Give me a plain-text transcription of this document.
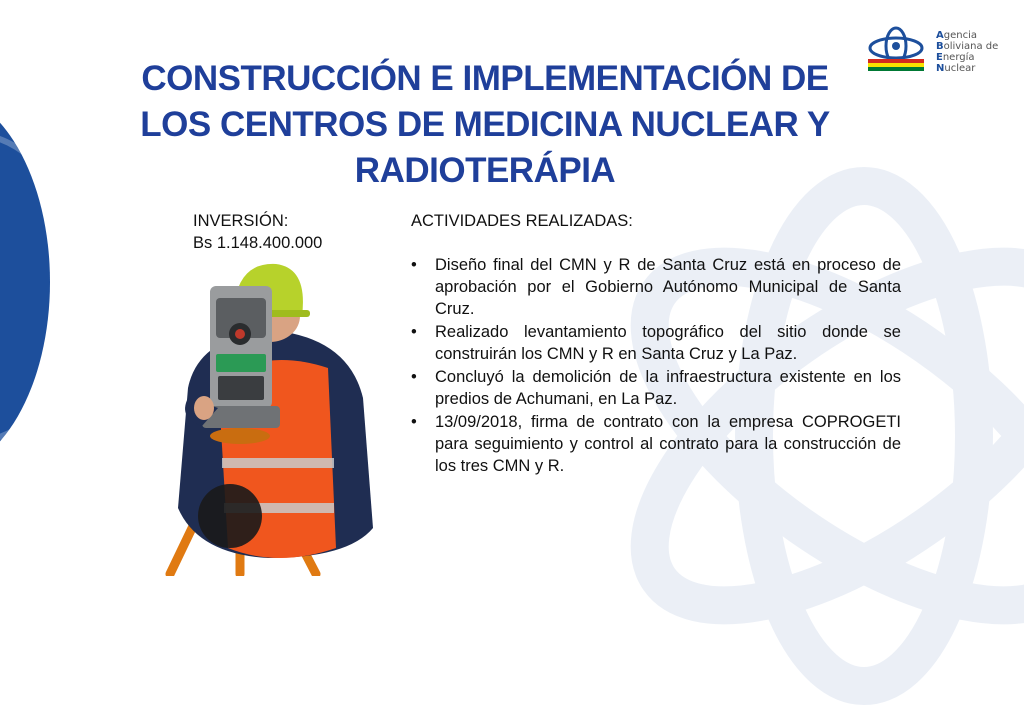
Agencia
Boliviana de
Energía
Nuclear
CONSTRUCCIÓN E IMPLEMENTACIÓN DE
LOS CENTROS DE MEDICINA NUCLEAR Y
RADIOTERÁPIA
INVERSIÓN:
Bs 1.148.400.000
ACTIVIDADES REALIZADAS:
• Diseño final del CMN y R de Santa Cruz está en proceso de aprobación por el Gobierno Autónomo Municipal de Santa Cruz.
• Realizado levantamiento topográfico del sitio donde se construirán los CMN y R en Santa Cruz y La Paz.
• Concluyó la demolición de la infraestructura existente en los predios de Achumani, en La Paz.
• 13/09/2018, firma de contrato con la empresa COPROGETI para seguimiento y control al contrato para la construcción de los tres CMN y R.
